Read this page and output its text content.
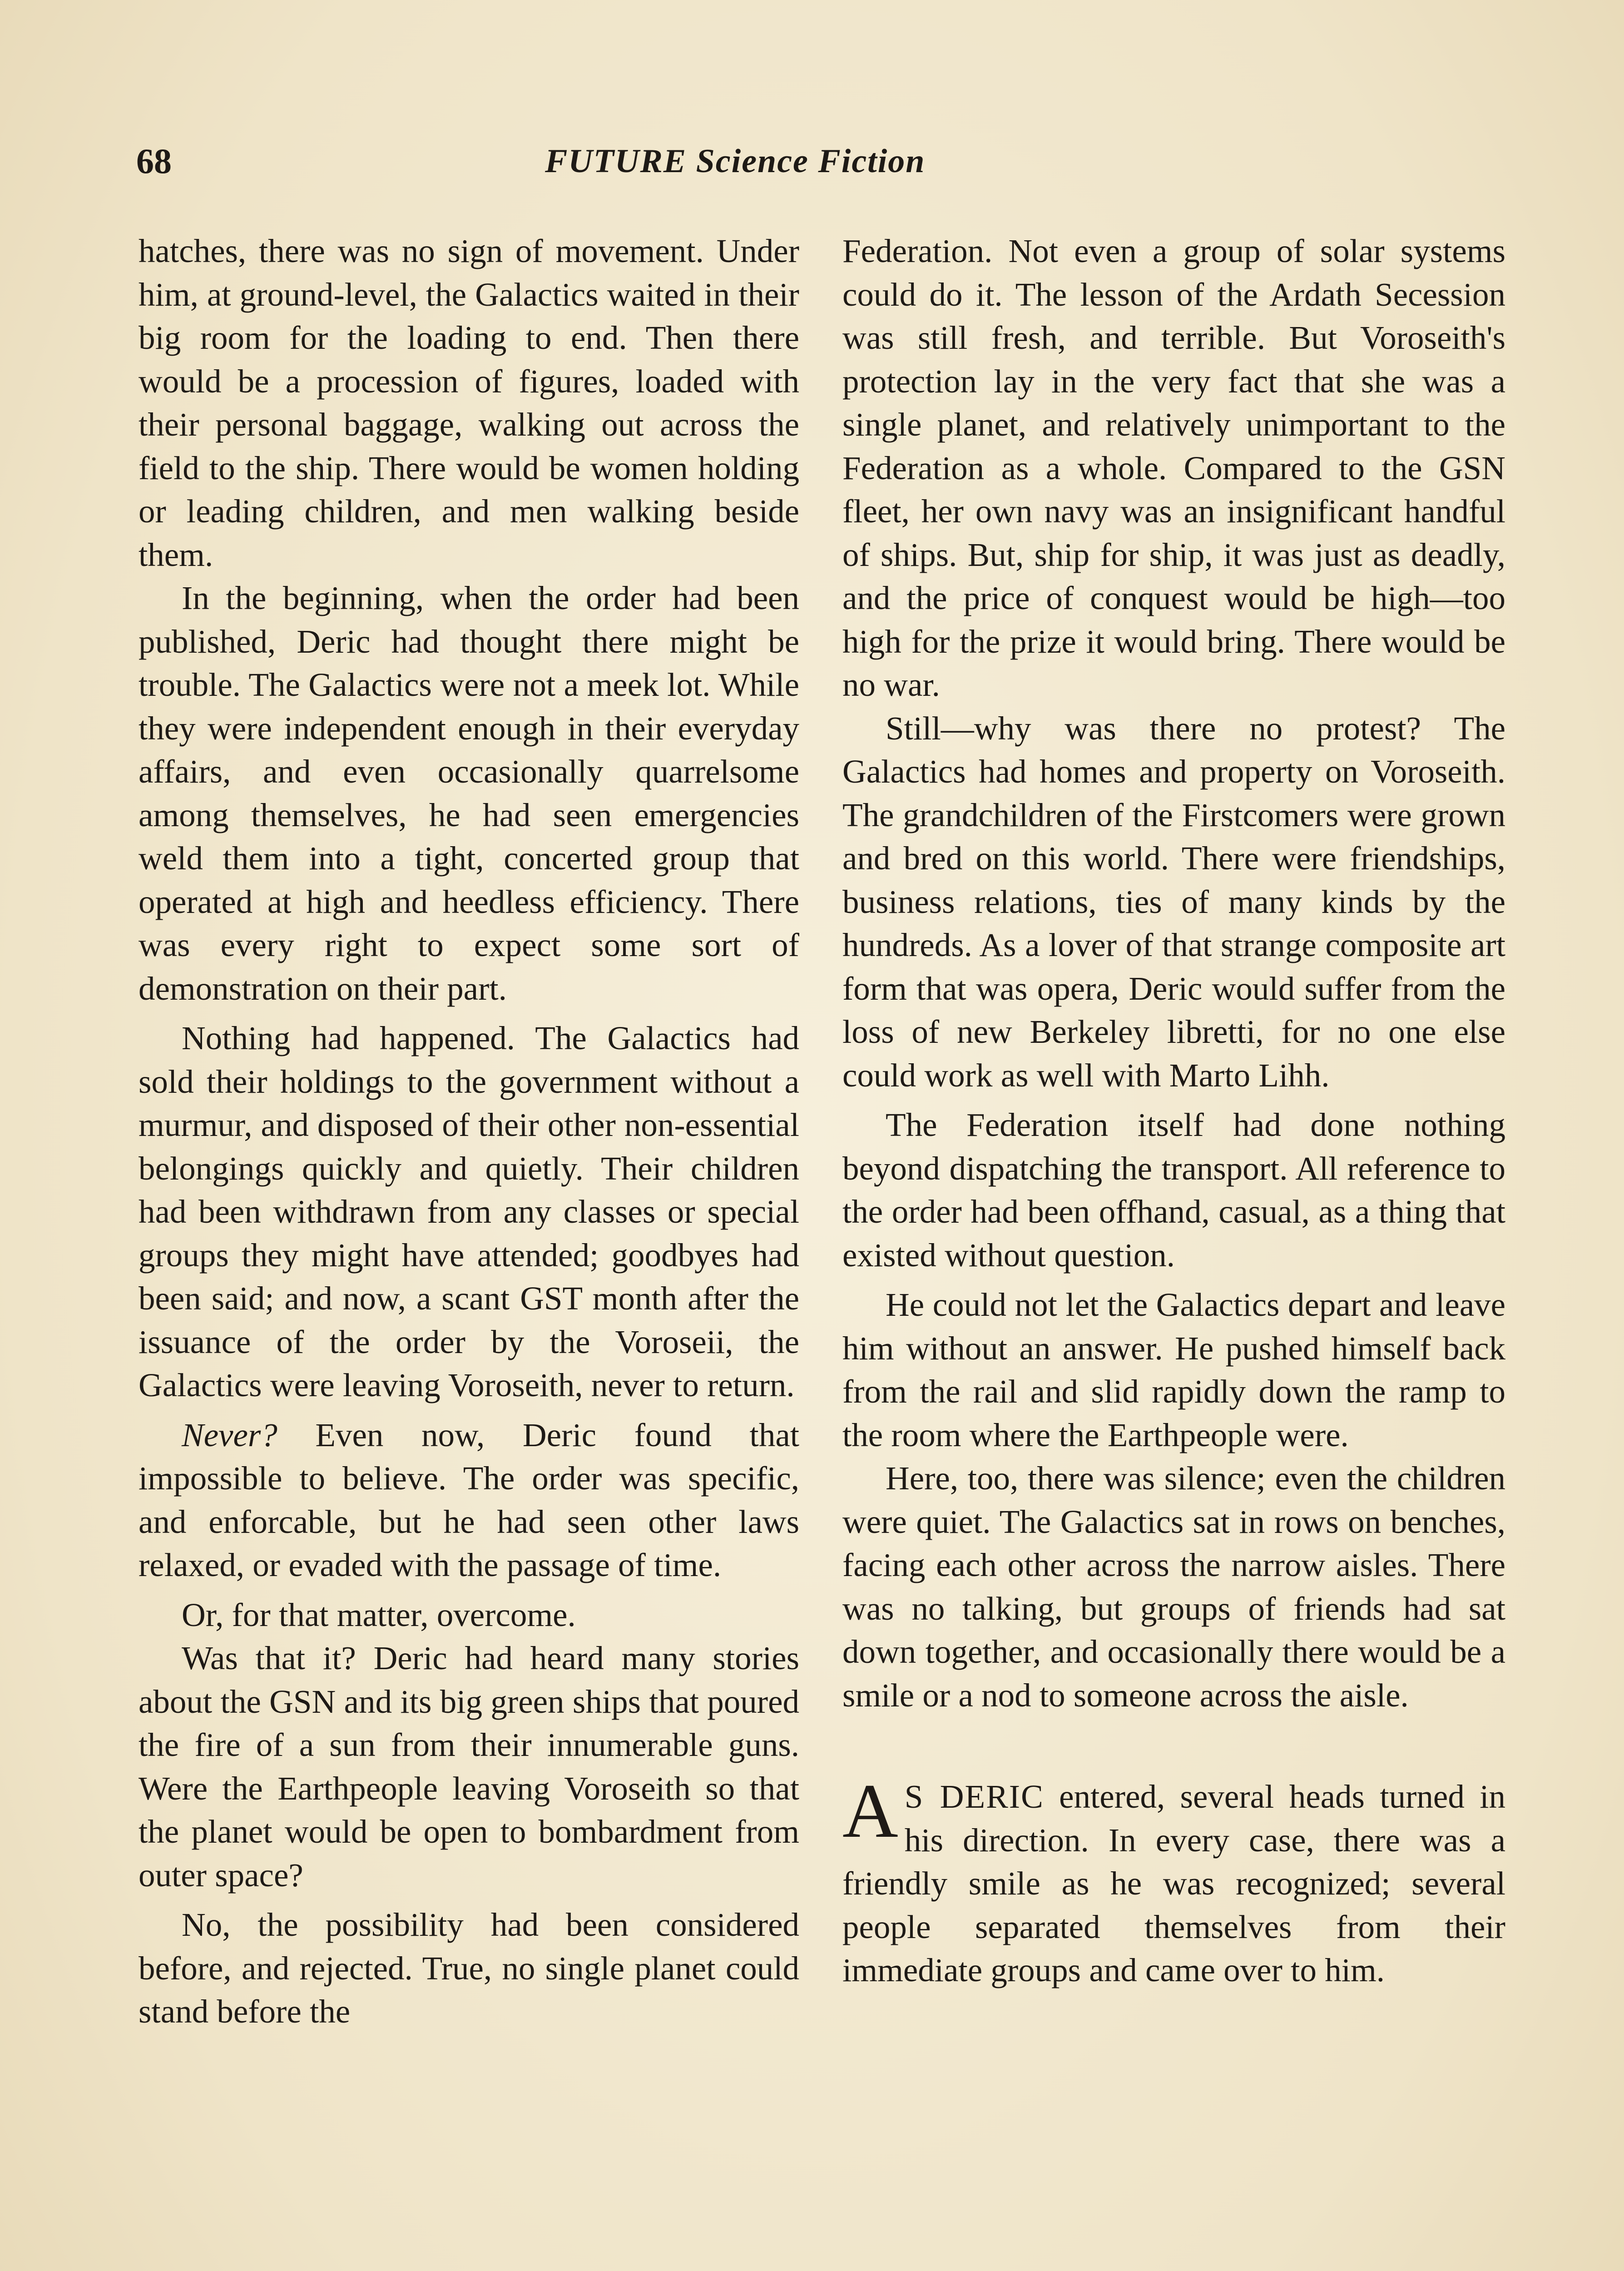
68	FUTURE Science Fiction

hatches, there was no sign of movement. Under him, at ground-level, the Galactics waited in their big room for the loading to end. Then there would be a procession of figures, loaded with their personal baggage, walking out across the field to the ship. There would be women holding or leading children, and men walking beside them.

In the beginning, when the order had been published, Deric had thought there might be trouble. The Galactics were not a meek lot. While they were independent enough in their everyday affairs, and even occasionally quarrelsome among themselves, he had seen emergencies weld them into a tight, concerted group that operated at high and heedless efficiency. There was every right to expect some sort of demonstration on their part.

Nothing had happened. The Galactics had sold their holdings to the government without a murmur, and disposed of their other non-essential belongings quickly and quietly. Their children had been withdrawn from any classes or special groups they might have attended; goodbyes had been said; and now, a scant GST month after the issuance of the order by the Voroseii, the Galactics were leaving Voroseith, never to return.

Never? Even now, Deric found that impossible to believe. The order was specific, and enforcable, but he had seen other laws relaxed, or evaded with the passage of time.

Or, for that matter, overcome.

Was that it? Deric had heard many stories about the GSN and its big green ships that poured the fire of a sun from their innumerable guns. Were the Earthpeople leaving Voroseith so that the planet would be open to bombardment from outer space?

No, the possibility had been considered before, and rejected. True, no single planet could stand before the

Federation. Not even a group of solar systems could do it. The lesson of the Ardath Secession was still fresh, and terrible. But Voroseith's protection lay in the very fact that she was a single planet, and relatively unimportant to the Federation as a whole. Compared to the GSN fleet, her own navy was an insignificant handful of ships. But, ship for ship, it was just as deadly, and the price of conquest would be high—too high for the prize it would bring. There would be no war.

Still—why was there no protest? The Galactics had homes and property on Voroseith. The grandchildren of the Firstcomers were grown and bred on this world. There were friendships, business relations, ties of many kinds by the hundreds. As a lover of that strange composite art form that was opera, Deric would suffer from the loss of new Berkeley libretti, for no one else could work as well with Marto Lihh.

The Federation itself had done nothing beyond dispatching the transport. All reference to the order had been offhand, casual, as a thing that existed without question.

He could not let the Galactics depart and leave him without an answer. He pushed himself back from the rail and slid rapidly down the ramp to the room where the Earthpeople were.

Here, too, there was silence; even the children were quiet. The Galactics sat in rows on benches, facing each other across the narrow aisles. There was no talking, but groups of friends had sat down together, and occasionally there would be a smile or a nod to someone across the aisle.

A S DERIC entered, several heads turned in his direction. In every case, there was a friendly smile as he was recognized; several people separated themselves from their immediate groups and came over to him.
